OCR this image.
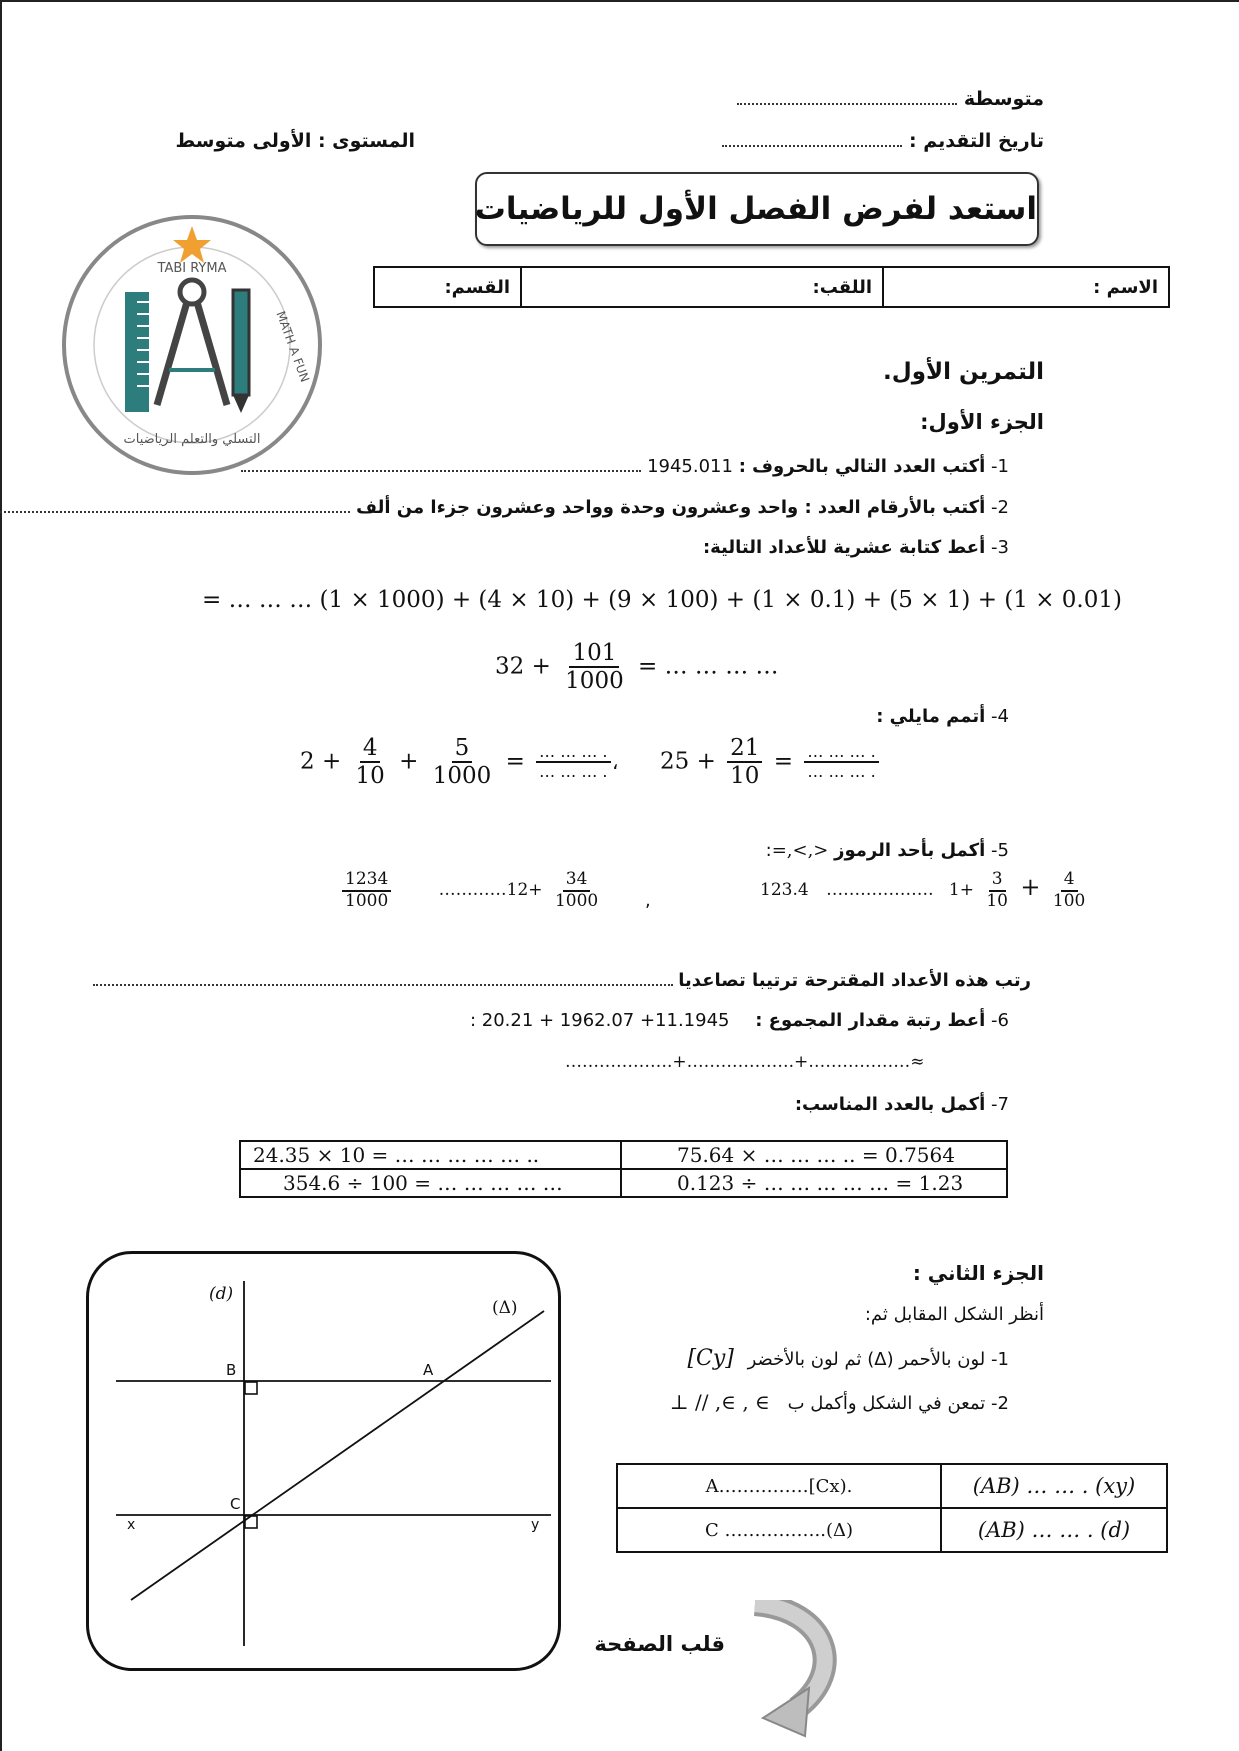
متوسطة
تاريخ التقديم :
المستوى : الأولى متوسط
استعد لفرض الفصل الأول للرياضيات
القسم:	اللقب:	الاسم :
TABI RYMA
التسلي والتعلم الرياضيات
MATH A FUN	التمرين الأول.
الجزء الأول:
-1 أكتب العدد التالي بالحروف : 1945.011
-2 أكتب بالأرقام العدد : واحد وعشرون وحدة وواحد وعشرون جزءا من ألف
-3 أعط كتابة عشرية للأعداد التالية:
= … … … (1 × 1000) + (4 × 10) + (9 × 100) + (1 × 0.1) + (5 × 1) + (1 × 0.01)
$32 + \frac{101}{1000}$ = … … … …
-4 أتمم مايلي :
$2 + \frac{4}{10} + \frac{5}{1000} = \frac{\dots \dots \dots .}{\dots \dots \dots .}$ ، $25 + \frac{21}{10} = \frac{\dots \dots \dots .}{\dots \dots \dots .}$
-5 أكمل بأحد الرموز =,<,>:
$\frac{1234}{1000}$	…………12+ $\frac{34}{1000}$ ,	123.4 ………………. $1+ \frac{3}{10} + \frac{4}{100}$
رتب هذه الأعداد المقترحة ترتيبا تصاعديا
-6 أعط رتبة مقدار المجموع : : 20.21 + 1962.07 +11.1945
……………….+……………….+………………≈
-7 أكمل بالعدد المناسب:
24.35 × 10 = … … … … … ..	75.64 × … … … .. = 0.7564
354.6 ÷ 100 = … … … … …	0.123 ÷ … … … … … = 1.23
(d)
(Δ)
B	A
C
x	y
الجزء الثاني :
أنظر الشكل المقابل ثم:
-1 لون بالأحمر (Δ) ثم لون بالأخضر [Cy]
-2 تمعن في الشكل وأكمل ب ⊥ // ,∈ , ∈
A……………[Cx).	(AB) … … . (xy)
C ……………..(Δ)	(AB) … … . (d)
قلب الصفحة
